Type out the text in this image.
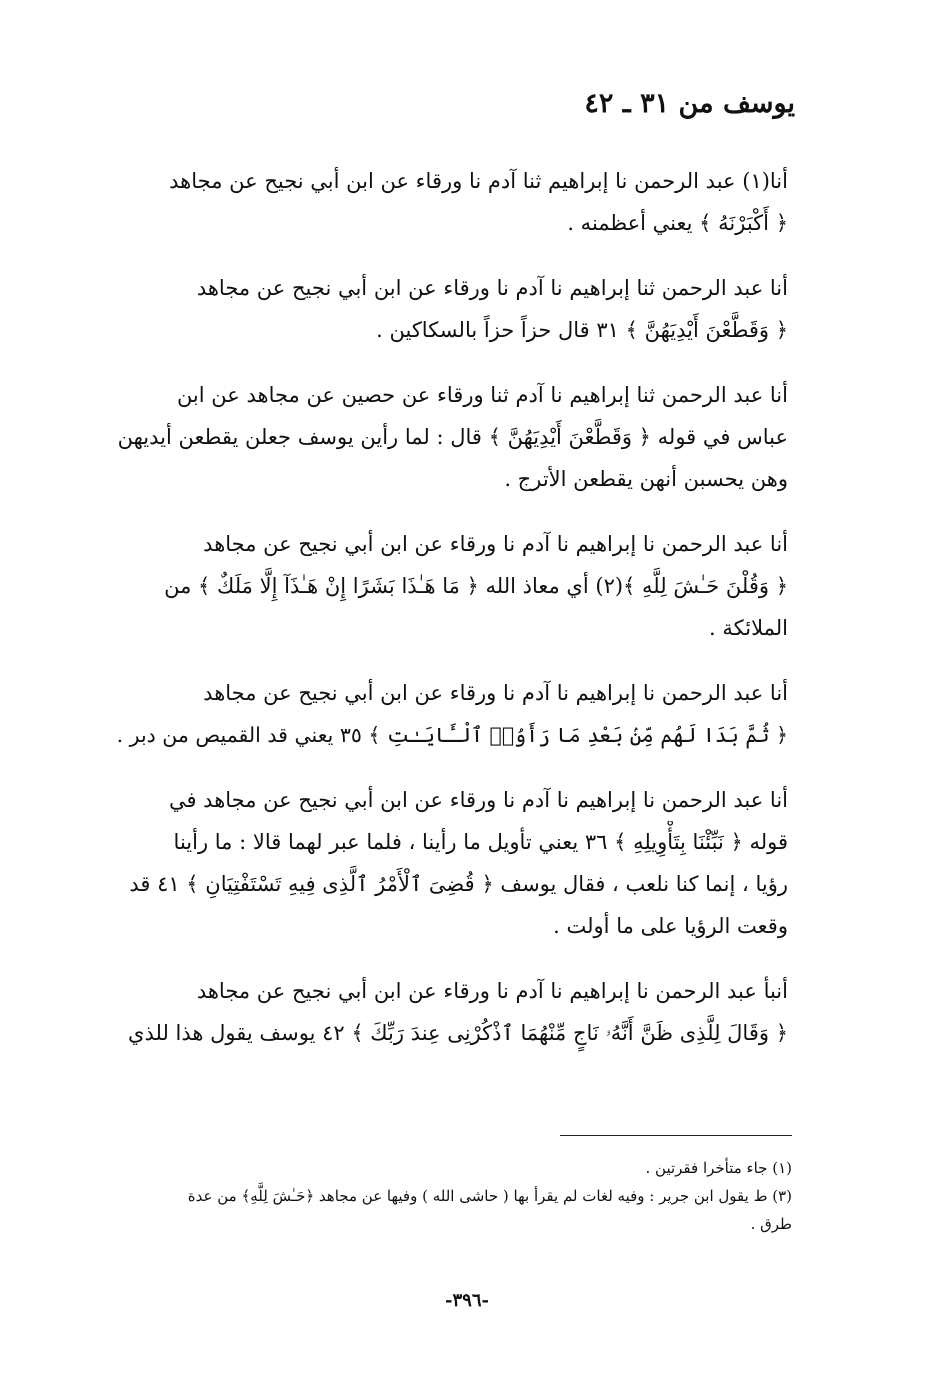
يوسف من ٣١ ـ ٤٢
أنا(١) عبد الرحمن نا إبراهيم ثنا آدم نا ورقاء عن ابن أبي نجيح عن مجاهد
﴿ أَكْبَرْنَهُ ﴾ يعني أعظمنه .
أنا عبد الرحمن ثنا إبراهيم نا آدم نا ورقاء عن ابن أبي نجيح عن مجاهد
﴿ وَقَطَّعْنَ أَيْدِيَهُنَّ ﴾ ٣١ قال حزاً حزاً بالسكاكين .
أنا عبد الرحمن ثنا إبراهيم نا آدم ثنا ورقاء عن حصين عن مجاهد عن ابن
عباس في قوله ﴿ وَقَطَّعْنَ أَيْدِيَهُنَّ ﴾ قال : لما رأين يوسف جعلن يقطعن أيديهن
وهن يحسبن أنهن يقطعن الأترج .
أنا عبد الرحمن نا إبراهيم نا آدم نا ورقاء عن ابن أبي نجيح عن مجاهد
﴿ وَقُلْنَ حَـٰشَ لِلَّهِ ﴾(٢) أي معاذ الله ﴿ مَا هَـٰذَا بَشَرًا إِنْ هَـٰذَآ إِلَّا مَلَكٌ ﴾ من
الملائكة .
أنا عبد الرحمن نا إبراهيم نا آدم نا ورقاء عن ابن أبي نجيح عن مجاهد
﴿ ثُمَّ بَدَا لَهُم مِّنۢ بَعْدِ مَا رَأَوُا۟ ٱلْـَٔايَـٰتِ ﴾ ٣٥ يعني قد القميص من دبر .
أنا عبد الرحمن نا إبراهيم نا آدم نا ورقاء عن ابن أبي نجيح عن مجاهد في
قوله ﴿ نَبِّئْنَا بِتَأْوِيلِهِ ﴾ ٣٦ يعني تأويل ما رأينا ، فلما عبر لهما قالا : ما رأينا
رؤيا ، إنما كنا نلعب ، فقال يوسف ﴿ قُضِىَ ٱلْأَمْرُ ٱلَّذِى فِيهِ تَسْتَفْتِيَانِ ﴾ ٤١ قد
وقعت الرؤيا على ما أولت .
أنبأ عبد الرحمن نا إبراهيم نا آدم نا ورقاء عن ابن أبي نجيح عن مجاهد
﴿ وَقَالَ لِلَّذِى ظَنَّ أَنَّهُۥ نَاجٍ مِّنْهُمَا ٱذْكُرْنِى عِندَ رَبِّكَ ﴾ ٤٢ يوسف يقول هذا للذي
(١) جاء متأخرا فقرتين .
(٣) ط يقول ابن جرير : وفيه لغات لم يقرأ بها ( حاشى الله ) وفيها عن مجاهد ﴿حَـٰشَ لِلَّهِ﴾ من عدة
طرق .
-٣٩٦-
